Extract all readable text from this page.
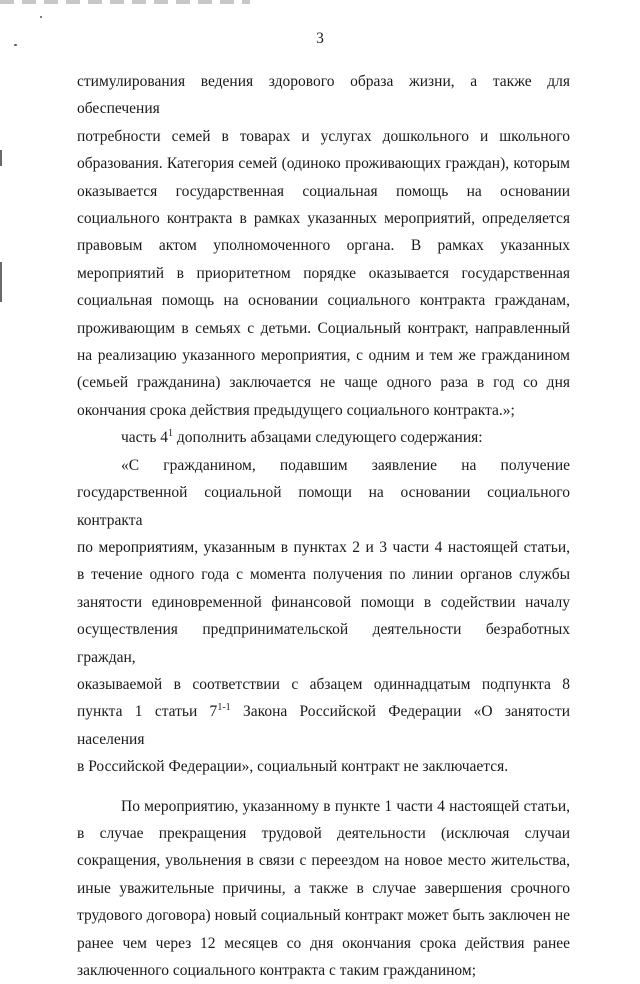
3

стимулирования ведения здорового образа жизни, а также для обеспечения
потребности семей в товарах и услугах дошкольного и школьного
образования. Категория семей (одиноко проживающих граждан), которым
оказывается государственная социальная помощь на основании
социального контракта в рамках указанных мероприятий, определяется
правовым актом уполномоченного органа. В рамках указанных
мероприятий в приоритетном порядке оказывается государственная
социальная помощь на основании социального контракта гражданам,
проживающим в семьях с детьми. Социальный контракт, направленный
на реализацию указанного мероприятия, с одним и тем же гражданином
(семьей гражданина) заключается не чаще одного раза в год со дня

окончания срока действия предыдущего социального контракта.»;

часть $4^1$ дополнить абзацами следующего содержания:

«С гражданином, подавшим заявление на получение
государственной социальной помощи на основании социального контракта
по мероприятиям, указанным в пунктах 2 и 3 части 4 настоящей статьи,
в течение одного года с момента получения по линии органов службы
занятости единовременной финансовой помощи в содействии началу
осуществления предпринимательской деятельности безработных граждан,
оказываемой в соответствии с абзацем одиннадцатым подпункта 8
пункта 1 статьи 7$^{1-1}$ Закона Российской Федерации «О занятости населения

в Российской Федерации», социальный контракт не заключается.

По мероприятию, указанному в пункте 1 части 4 настоящей статьи,
в случае прекращения трудовой деятельности (исключая случаи
сокращения, увольнения в связи с переездом на новое место жительства,
иные уважительные причины, а также в случае завершения срочного
трудового договора) новый социальный контракт может быть заключен не
ранее чем через 12 месяцев со дня окончания срока действия ранее

заключенного социального контракта с таким гражданином;
